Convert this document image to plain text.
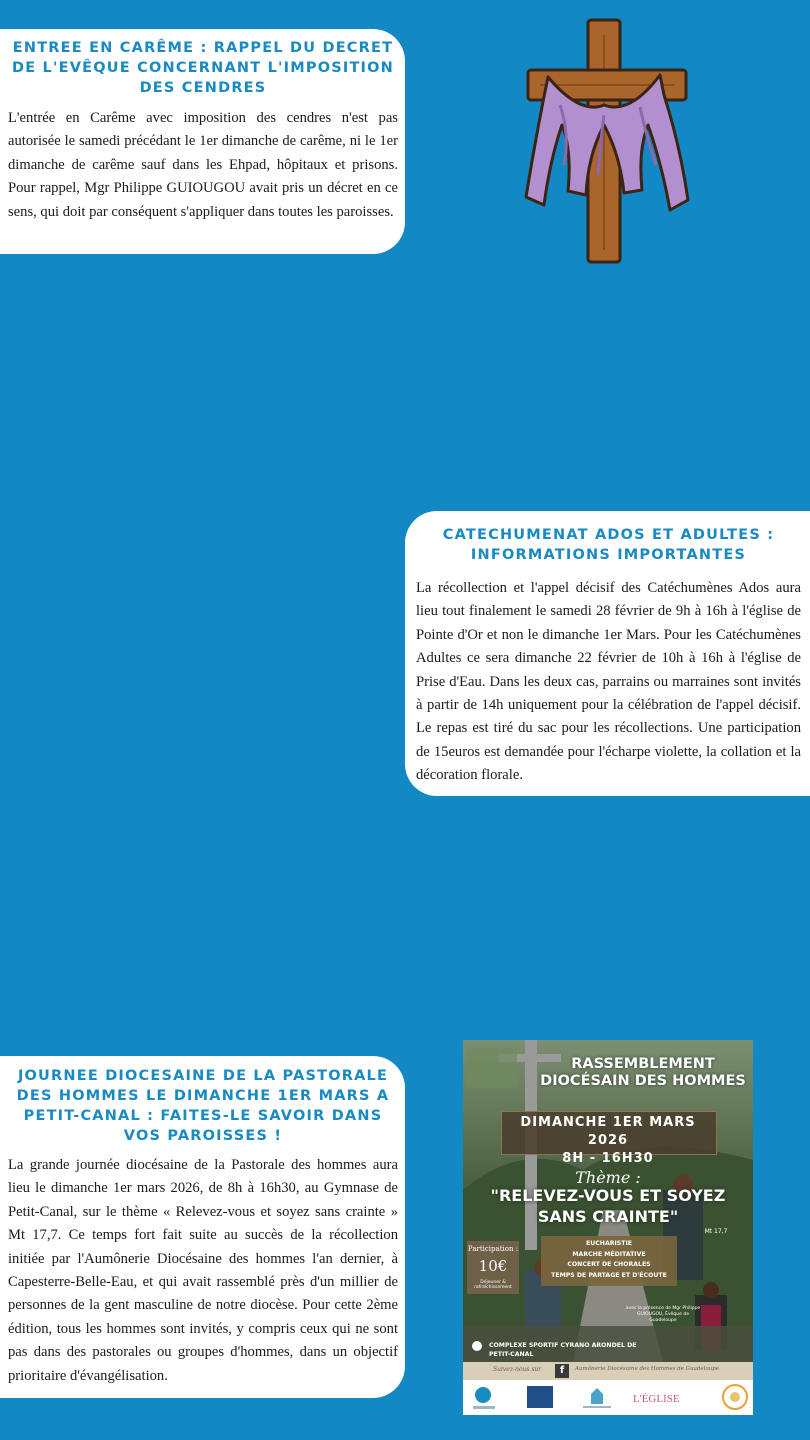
ENTREE EN CARÊME : RAPPEL DU DECRET DE L'EVÊQUE CONCERNANT L'IMPOSITION DES CENDRES

L'entrée en Carême avec imposition des cendres n'est pas autorisée le samedi précédant le 1er dimanche de carême, ni le 1er dimanche de carême sauf dans les Ehpad, hôpitaux et prisons. Pour rappel, Mgr Philippe GUIOUGOU avait pris un décret en ce sens, qui doit par conséquent s'appliquer dans toutes les paroisses.

CATECHUMENAT ADOS ET ADULTES : INFORMATIONS IMPORTANTES

La récollection et l'appel décisif des Catéchumènes Ados aura lieu tout finalement le samedi 28 février de 9h à 16h à l'église de Pointe d'Or et non le dimanche 1er Mars. Pour les Catéchumènes Adultes ce sera dimanche 22 février de 10h à 16h à l'église de Prise d'Eau. Dans les deux cas, parrains ou marraines sont invités à partir de 14h uniquement pour la célébration de l'appel décisif. Le repas est tiré du sac pour les récollections. Une participation de 15euros est demandée pour l'écharpe violette, la collation et la décoration florale.

JOURNEE DIOCESAINE DE LA PASTORALE DES HOMMES LE DIMANCHE 1ER MARS A PETIT-CANAL : FAITES-LE SAVOIR DANS VOS PAROISSES !

La grande journée diocésaine de la Pastorale des hommes aura lieu le dimanche 1er mars 2026, de 8h à 16h30, au Gymnase de Petit-Canal, sur le thème « Relevez-vous et soyez sans crainte » Mt 17,7. Ce temps fort fait suite au succès de la récollection initiée par l'Aumônerie Diocésaine des hommes l'an dernier, à Capesterre-Belle-Eau, et qui avait rassemblé près d'un millier de personnes de la gent masculine de notre diocèse. Pour cette 2ème édition, tous les hommes sont invités, y compris ceux qui ne sont pas dans des pastorales ou groupes d'hommes, dans un objectif prioritaire d'évangélisation.

RASSEMBLEMENT DIOCÉSAIN DES HOMMES
DIMANCHE 1ER MARS 2026
8H - 16H30
Thème :
"RELEVEZ-VOUS ET SOYEZ SANS CRAINTE"
Mt 17,7
Participation :
10€
Déjeuner & rafraîchissement
EUCHARISTIE
MARCHE MÉDITATIVE
CONCERT DE CHORALES
TEMPS DE PARTAGE ET D'ÉCOUTE
avec la présence de Mgr Philippe GUIOUGOU, Évêque de Guadeloupe
COMPLEXE SPORTIF CYRANO ARONDEL DE PETIT-CANAL
Suivez-nous sur	f	Aumônerie Diocésaine des Hommes de Guadeloupe
L'ÉGLISE
